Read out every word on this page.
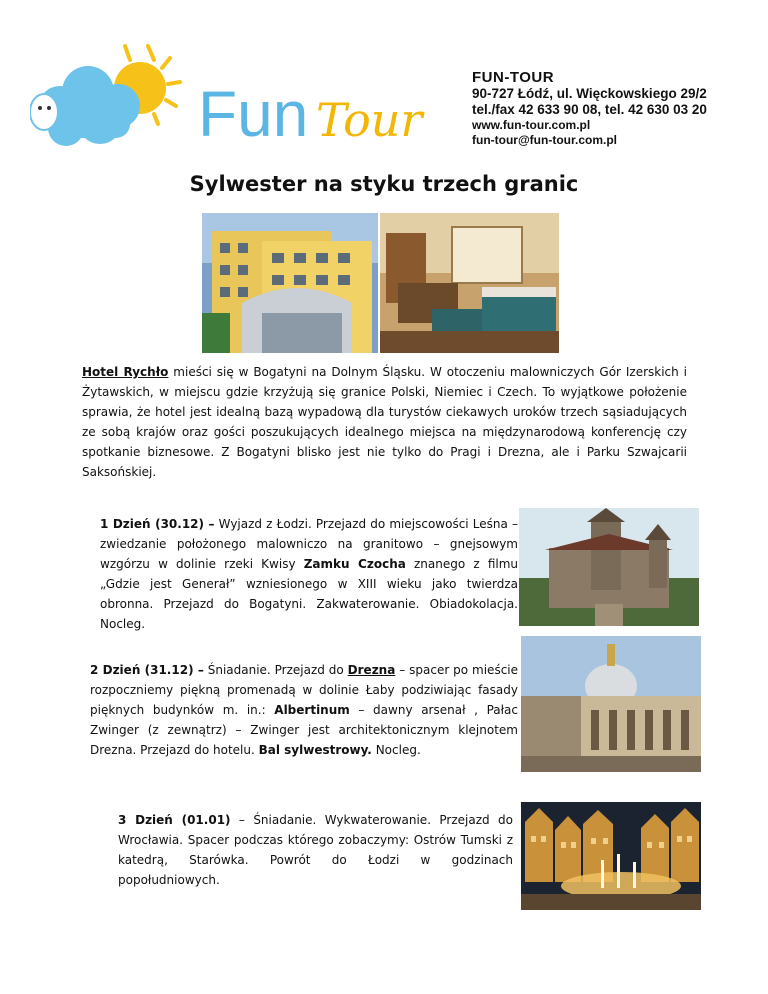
Fun Tour
FUN-TOUR
90-727 Łódź, ul. Więckowskiego 29/2
tel./fax 42 633 90 08, tel. 42 630 03 20
www.fun-tour.com.pl
fun-tour@fun-tour.com.pl
Sylwester na styku trzech granic
Hotel Rychło mieści się w Bogatyni na Dolnym Śląsku. W otoczeniu malowniczych Gór Izerskich i Żytawskich, w miejscu gdzie krzyżują się granice Polski, Niemiec i Czech. To wyjątkowe położenie sprawia, że hotel jest idealną bazą wypadową dla turystów ciekawych uroków trzech sąsiadujących ze sobą krajów oraz gości poszukujących idealnego miejsca na międzynarodową konferencję czy spotkanie biznesowe. Z Bogatyni blisko jest nie tylko do Pragi i Drezna, ale i Parku Szwajcarii Saksońskiej.
1 Dzień (30.12) – Wyjazd z Łodzi. Przejazd do miejscowości Leśna – zwiedzanie położonego malowniczo na granitowo – gnejsowym wzgórzu w dolinie rzeki Kwisy Zamku Czocha znanego z filmu „Gdzie jest Generał” wzniesionego w XIII wieku jako twierdza obronna. Przejazd do Bogatyni. Zakwaterowanie. Obiadokolacja. Nocleg.
2 Dzień (31.12) – Śniadanie. Przejazd do Drezna – spacer po mieście rozpoczniemy piękną promenadą w dolinie Łaby podziwiając fasady pięknych budynków m. in.: Albertinum – dawny arsenał , Pałac Zwinger (z zewnątrz) – Zwinger jest architektonicznym klejnotem Drezna. Przejazd do hotelu. Bal sylwestrowy. Nocleg.
3 Dzień (01.01) – Śniadanie. Wykwaterowanie. Przejazd do Wrocławia. Spacer podczas którego zobaczymy: Ostrów Tumski z katedrą, Starówka. Powrót do Łodzi w godzinach popołudniowych.
